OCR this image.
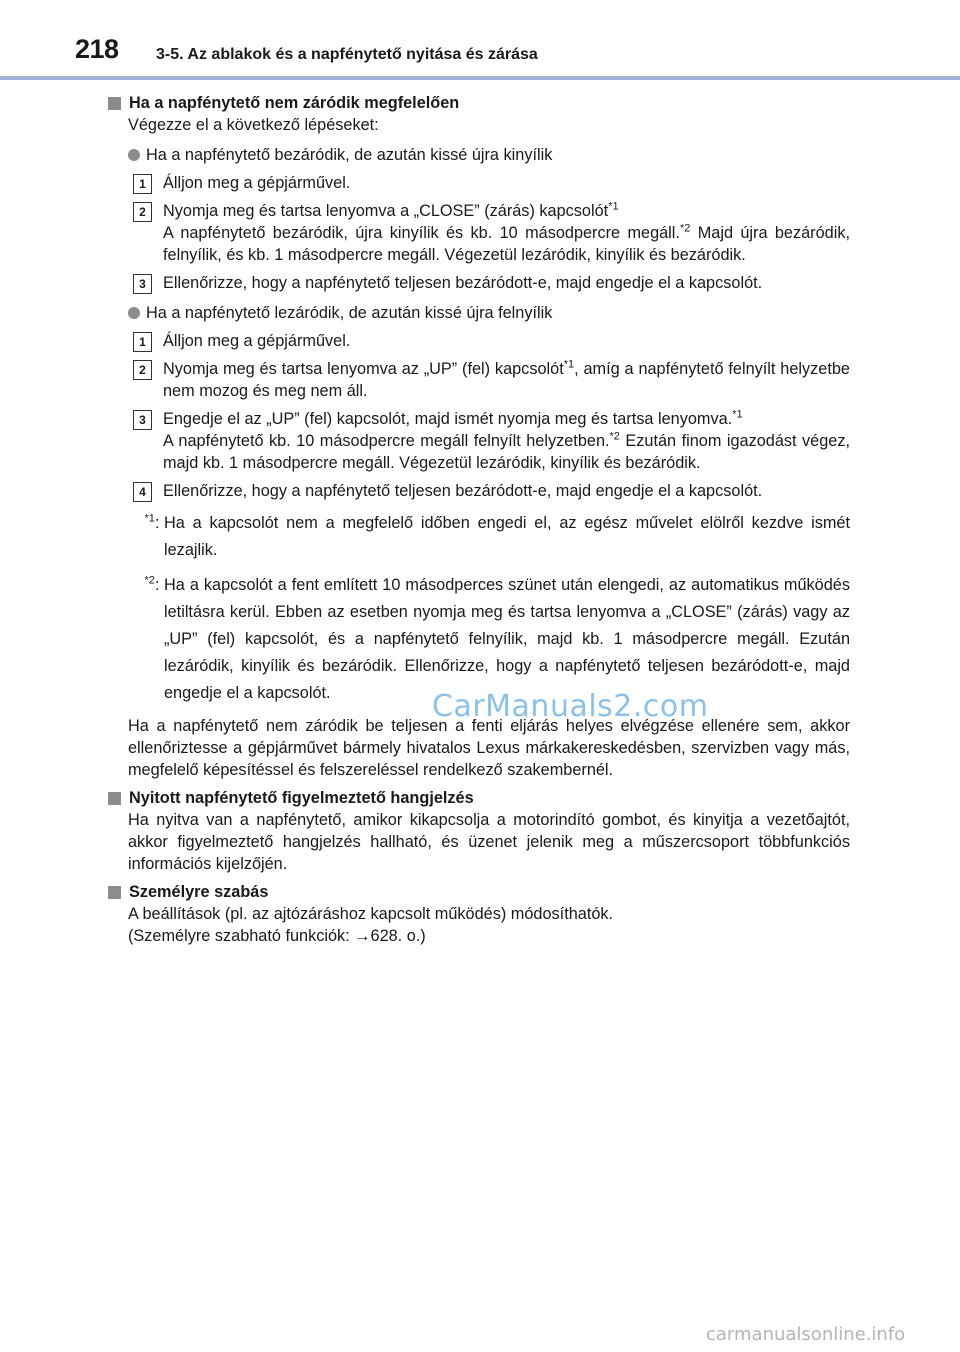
218 3-5. Az ablakok és a napfénytető nyitása és zárása
Ha a napfénytető nem záródik megfelelően
Végezze el a következő lépéseket:
Ha a napfénytető bezáródik, de azután kissé újra kinyílik
1	Álljon meg a gépjárművel.
2	Nyomja meg és tartsa lenyomva a „CLOSE” (zárás) kapcsolót$^{*1}$
A napfénytető bezáródik, újra kinyílik és kb. 10 másodpercre megáll.$^{*2}$ Majd újra bezáródik, felnyílik, és kb. 1 másodpercre megáll. Végezetül lezáródik, kinyílik és bezáródik.
3	Ellenőrizze, hogy a napfénytető teljesen bezáródott-e, majd engedje el a kapcsolót.
Ha a napfénytető lezáródik, de azután kissé újra felnyílik
1	Álljon meg a gépjárművel.
2	Nyomja meg és tartsa lenyomva az „UP” (fel) kapcsolót$^{*1}$, amíg a napfénytető felnyílt helyzetbe nem mozog és meg nem áll.
3	Engedje el az „UP” (fel) kapcsolót, majd ismét nyomja meg és tartsa lenyomva.$^{*1}$
A napfénytető kb. 10 másodpercre megáll felnyílt helyzetben.$^{*2}$ Ezután finom igazodást végez, majd kb. 1 másodpercre megáll. Végezetül lezáródik, kinyílik és bezáródik.
4	Ellenőrizze, hogy a napfénytető teljesen bezáródott-e, majd engedje el a kapcsolót.
$^{*1}$: Ha a kapcsolót nem a megfelelő időben engedi el, az egész művelet elölről kezdve ismét lezajlik.
$^{*2}$: Ha a kapcsolót a fent említett 10 másodperces szünet után elengedi, az automatikus működés letiltásra kerül. Ebben az esetben nyomja meg és tartsa lenyomva a „CLOSE” (zárás) vagy az „UP” (fel) kapcsolót, és a napfénytető felnyílik, majd kb. 1 másodpercre megáll. Ezután lezáródik, kinyílik és bezáródik. Ellenőrizze, hogy a napfénytető teljesen bezáródott-e, majd engedje el a kapcsolót.
Ha a napfénytető nem záródik be teljesen a fenti eljárás helyes elvégzése ellenére sem, akkor ellenőriztesse a gépjárművet bármely hivatalos Lexus márkakereskedésben, szervizben vagy más, megfelelő képesítéssel és felszereléssel rendelkező szakembernél.
Nyitott napfénytető figyelmeztető hangjelzés
Ha nyitva van a napfénytető, amikor kikapcsolja a motorindító gombot, és kinyitja a vezetőajtót, akkor figyelmeztető hangjelzés hallható, és üzenet jelenik meg a műszercsoport többfunkciós információs kijelzőjén.
Személyre szabás
A beállítások (pl. az ajtózáráshoz kapcsolt működés) módosíthatók.
(Személyre szabható funkciók: →628. o.)
CarManuals2.com
carmanualsonline.info
